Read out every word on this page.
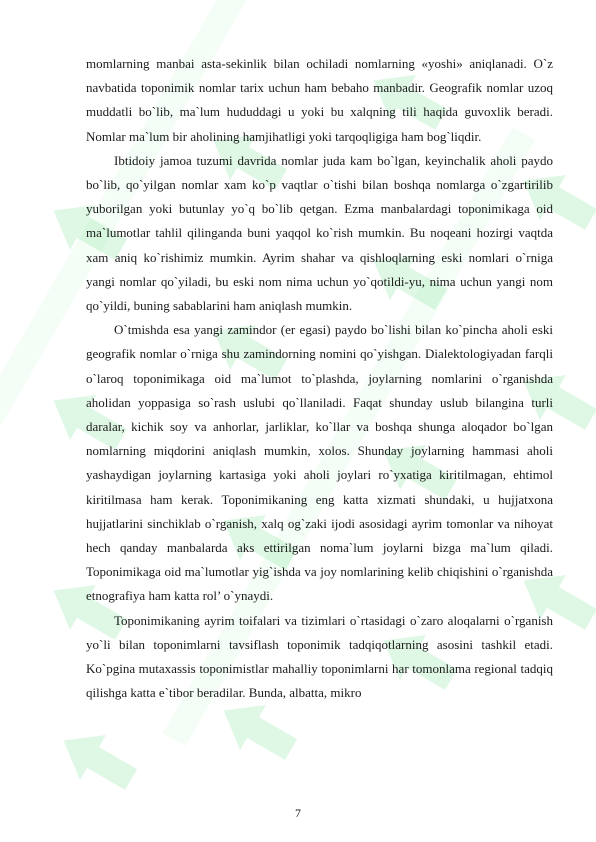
momlarning manbai asta-sekinlik bilan ochiladi nomlarning «yoshi» aniqlanadi. O`z navbatida toponimik nomlar tarix uchun ham bebaho manbadir. Geografik nomlar uzoq muddatli bo`lib, ma`lum hududdagi u yoki bu xalqning tili haqida guvoxlik beradi. Nomlar ma`lum bir aholining hamjihatligi yoki tarqoqligiga ham bog`liqdir.

Ibtidoiy jamoa tuzumi davrida nomlar juda kam bo`lgan, keyinchalik aholi paydo bo`lib, qo`yilgan nomlar xam ko`p vaqtlar o`tishi bilan boshqa nomlarga o`zgartirilib yuborilgan yoki butunlay yo`q bo`lib qetgan. Ezma manbalardagi toponimikaga oid ma`lumotlar tahlil qilinganda buni yaqqol ko`rish mumkin. Bu noqeani hozirgi vaqtda xam aniq ko`rishimiz mumkin. Ayrim shahar va qishloqlarning eski nomlari o`rniga yangi nomlar qo`yiladi, bu eski nom nima uchun yo`qotildi-yu, nima uchun yangi nom qo`yildi, buning sabablarini ham aniqlash mumkin.

O`tmishda esa yangi zamindor (er egasi) paydo bo`lishi bilan ko`pincha aholi eski geografik nomlar o`rniga shu zamindorning nomini qo`yishgan. Dialektologiyadan farqli o`laroq toponimikaga oid ma`lumot to`plashda, joylarning nomlarini o`rganishda aholidan yoppasiga so`rash uslubi qo`llaniladi. Faqat shunday uslub bilangina turli daralar, kichik soy va anhorlar, jarliklar, ko`llar va boshqa shunga aloqador bo`lgan nomlarning miqdorini aniqlash mumkin, xolos. Shunday joylarning hammasi aholi yashaydigan joylarning kartasiga yoki aholi joylari ro`yxatiga kiritilmagan, ehtimol kiritilmasa ham kerak. Toponimikaning eng katta xizmati shundaki, u hujjatxona hujjatlarini sinchiklab o`rganish, xalq og`zaki ijodi asosidagi ayrim tomonlar va nihoyat hech qanday manbalarda aks ettirilgan noma`lum joylarni bizga ma`lum qiladi. Toponimikaga oid ma`lumotlar yig`ishda va joy nomlarining kelib chiqishini o`rganishda etnografiya ham katta rol’ o`ynaydi.

Toponimikaning ayrim toifalari va tizimlari o`rtasidagi o`zaro aloqalarni o`rganish yo`li bilan toponimlarni tavsiflash toponimik tadqiqotlarning asosini tashkil etadi. Ko`pgina mutaxassis toponimistlar mahalliy toponimlarni har tomonlama regional tadqiq qilishga katta e`tibor beradilar. Bunda, albatta, mikro

7
